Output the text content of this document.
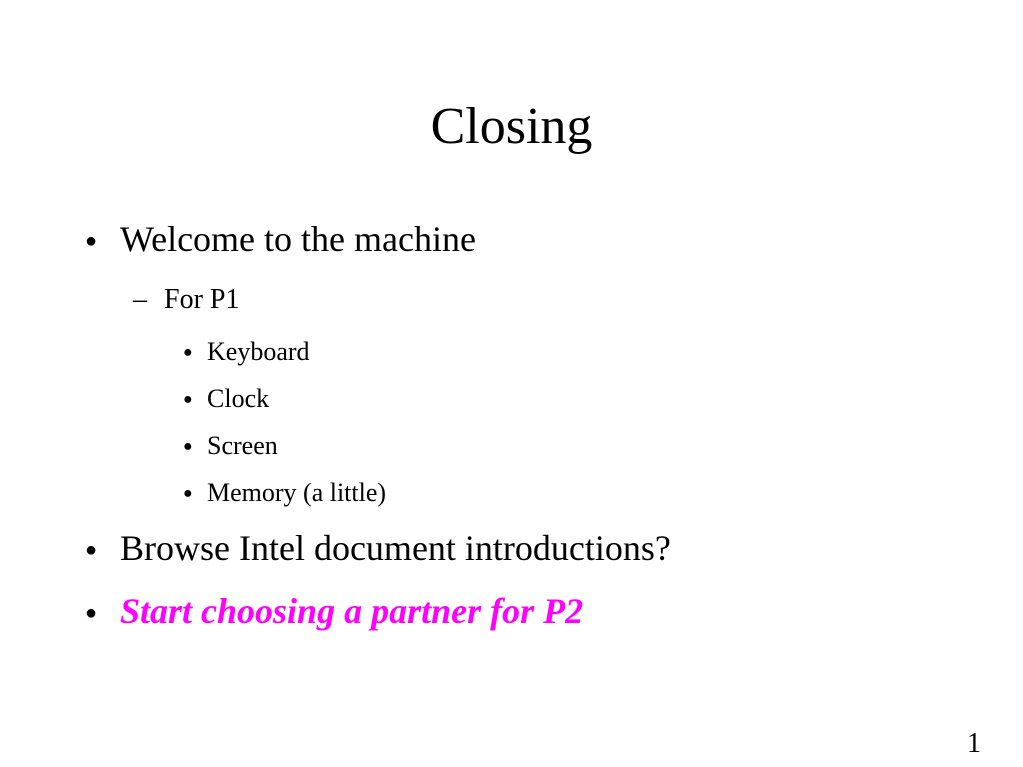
Closing
● Welcome to the machine
– For P1
● Keyboard
● Clock
● Screen
● Memory (a little)
● Browse Intel document introductions?
● Start choosing a partner for P2
1
